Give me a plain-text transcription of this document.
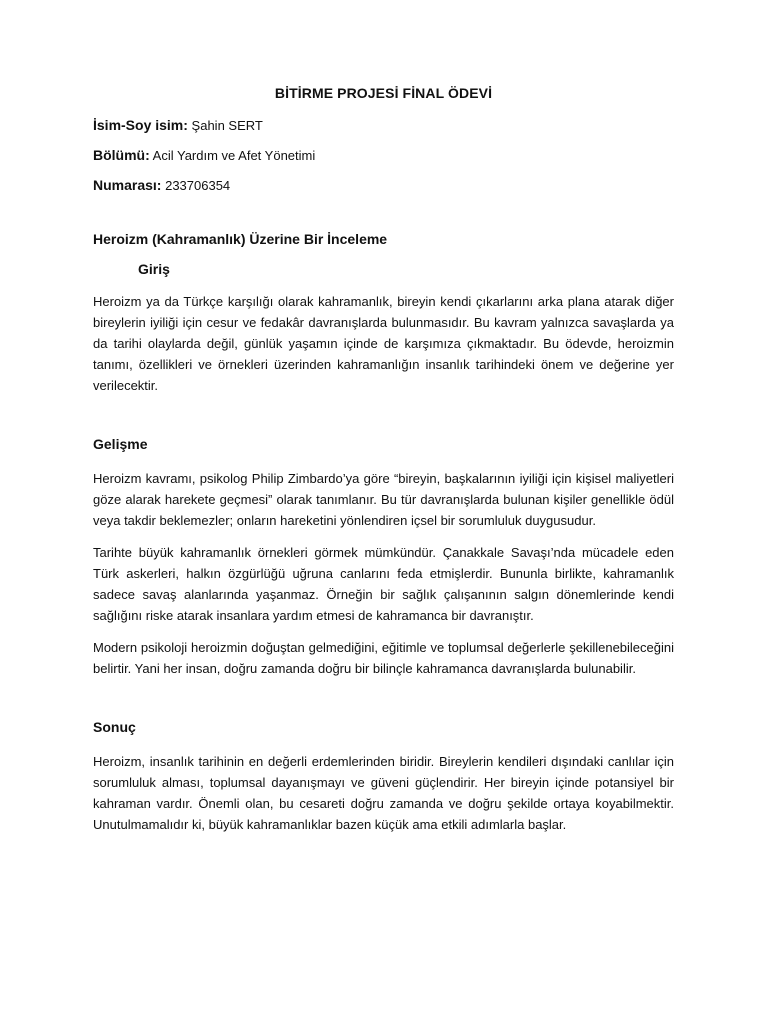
BİTİRME PROJESİ FİNAL ÖDEVİ
İsim-Soy isim: Şahin SERT
Bölümü: Acil Yardım ve Afet Yönetimi
Numarası: 233706354
Heroizm (Kahramanlık) Üzerine Bir İnceleme
Giriş

Heroizm ya da Türkçe karşılığı olarak kahramanlık, bireyin kendi çıkarlarını arka plana atarak diğer bireylerin iyiliği için cesur ve fedakâr davranışlarda bulunmasıdır. Bu kavram yalnızca savaşlarda ya da tarihi olaylarda değil, günlük yaşamın içinde de karşımıza çıkmaktadır. Bu ödevde, heroizmin tanımı, özellikleri ve örnekleri üzerinden kahramanlığın insanlık tarihindeki önem ve değerine yer verilecektir.

Gelişme

Heroizm kavramı, psikolog Philip Zimbardo’ya göre “bireyin, başkalarının iyiliği için kişisel maliyetleri göze alarak harekete geçmesi” olarak tanımlanır. Bu tür davranışlarda bulunan kişiler genellikle ödül veya takdir beklemezler; onların hareketini yönlendiren içsel bir sorumluluk duygusudur.

Tarihte büyük kahramanlık örnekleri görmek mümkündür. Çanakkale Savaşı’nda mücadele eden Türk askerleri, halkın özgürlüğü uğruna canlarını feda etmişlerdir. Bununla birlikte, kahramanlık sadece savaş alanlarında yaşanmaz. Örneğin bir sağlık çalışanının salgın dönemlerinde kendi sağlığını riske atarak insanlara yardım etmesi de kahramanca bir davranıştır.

Modern psikoloji heroizmin doğuştan gelmediğini, eğitimle ve toplumsal değerlerle şekillenebileceğini belirtir. Yani her insan, doğru zamanda doğru bir bilinçle kahramanca davranışlarda bulunabilir.

Sonuç

Heroizm, insanlık tarihinin en değerli erdemlerinden biridir. Bireylerin kendileri dışındaki canlılar için sorumluluk alması, toplumsal dayanışmayı ve güveni güçlendirir. Her bireyin içinde potansiyel bir kahraman vardır. Önemli olan, bu cesareti doğru zamanda ve doğru şekilde ortaya koyabilmektir. Unutulmamalıdır ki, büyük kahramanlıklar bazen küçük ama etkili adımlarla başlar.
